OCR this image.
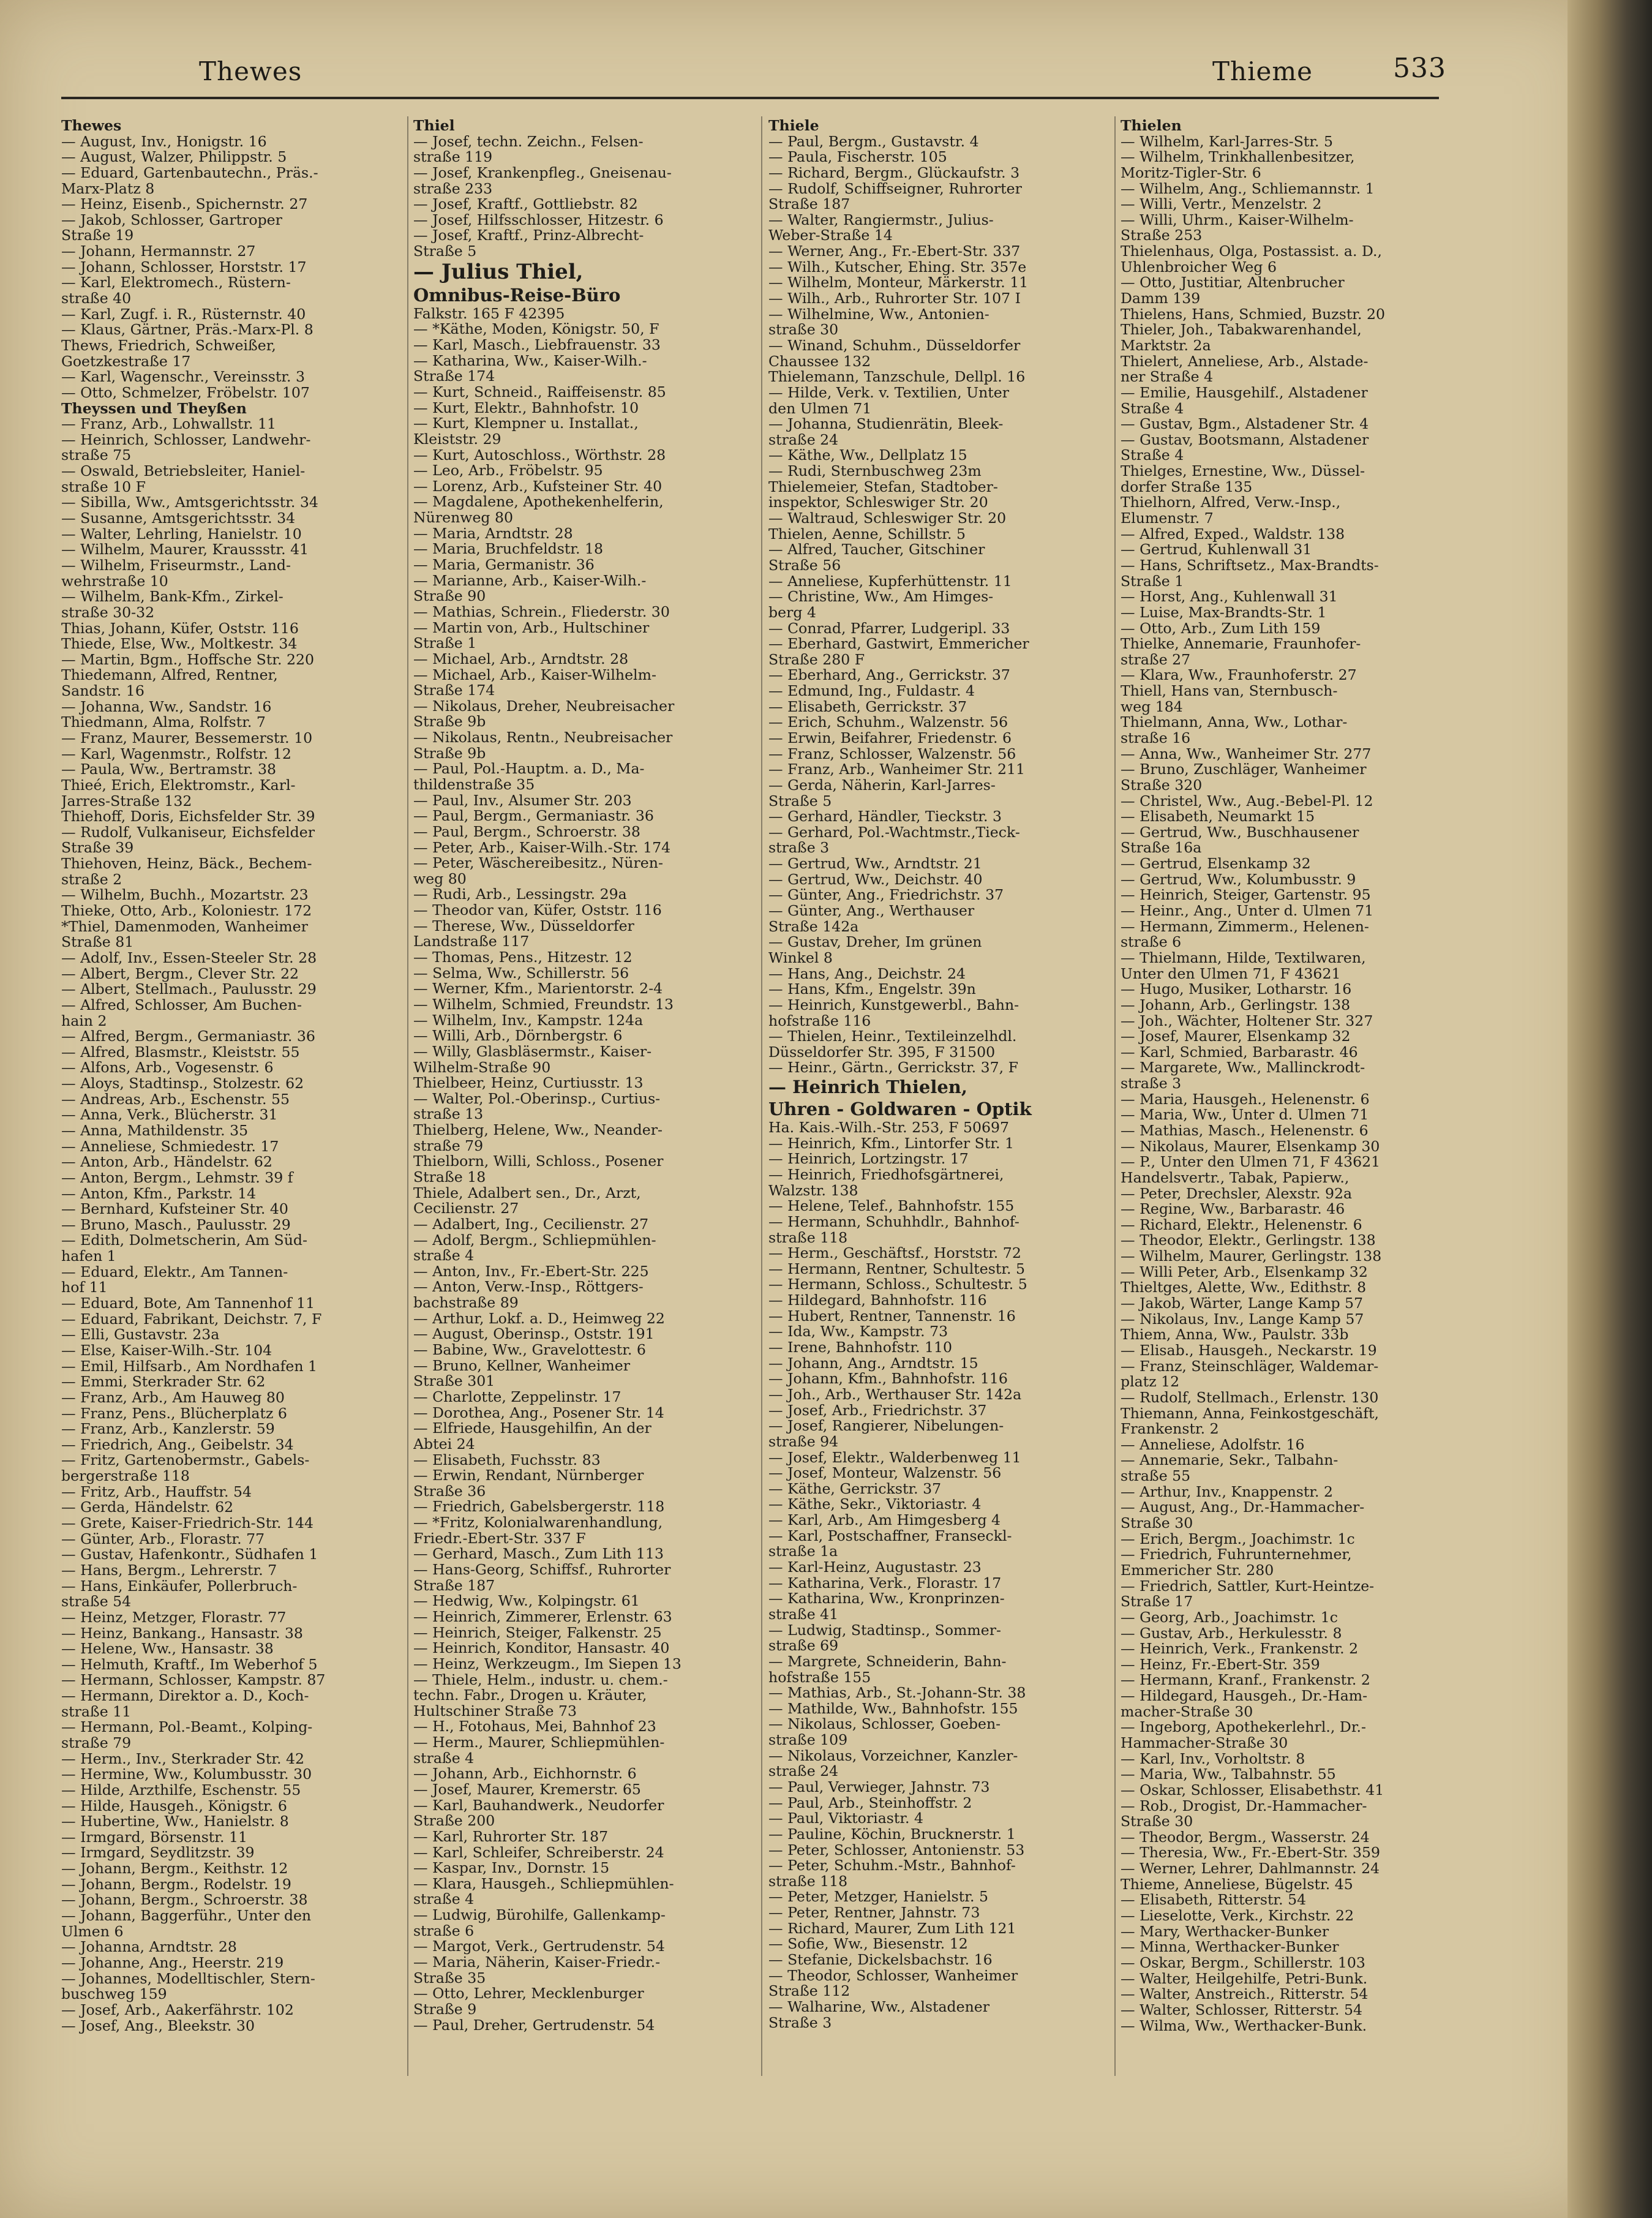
Thewes	Thieme	533
Thewes
— August, Inv., Honigstr. 16
— August, Walzer, Philippstr. 5
— Eduard, Gartenbautechn., Präs.-
Marx-Platz 8
— Heinz, Eisenb., Spichernstr. 27
— Jakob, Schlosser, Gartroper
Straße 19
— Johann, Hermannstr. 27
— Johann, Schlosser, Horststr. 17
— Karl, Elektromech., Rüstern-
straße 40
— Karl, Zugf. i. R., Rüsternstr. 40
— Klaus, Gärtner, Präs.-Marx-Pl. 8
Thews, Friedrich, Schweißer,
Goetzkestraße 17
— Karl, Wagenschr., Vereinsstr. 3
— Otto, Schmelzer, Fröbelstr. 107
Theyssen und Theyßen
— Franz, Arb., Lohwallstr. 11
— Heinrich, Schlosser, Landwehr-
straße 75
— Oswald, Betriebsleiter, Haniel-
straße 10 F
— Sibilla, Ww., Amtsgerichtsstr. 34
— Susanne, Amtsgerichtsstr. 34
— Walter, Lehrling, Hanielstr. 10
— Wilhelm, Maurer, Kraussstr. 41
— Wilhelm, Friseurmstr., Land-
wehrstraße 10
— Wilhelm, Bank-Kfm., Zirkel-
straße 30-32
Thias, Johann, Küfer, Oststr. 116
Thiede, Else, Ww., Moltkestr. 34
— Martin, Bgm., Hoffsche Str. 220
Thiedemann, Alfred, Rentner,
Sandstr. 16
— Johanna, Ww., Sandstr. 16
Thiedmann, Alma, Rolfstr. 7
— Franz, Maurer, Bessemerstr. 10
— Karl, Wagenmstr., Rolfstr. 12
— Paula, Ww., Bertramstr. 38
Thieé, Erich, Elektromstr., Karl-
Jarres-Straße 132
Thiehoff, Doris, Eichsfelder Str. 39
— Rudolf, Vulkaniseur, Eichsfelder
Straße 39
Thiehoven, Heinz, Bäck., Bechem-
straße 2
— Wilhelm, Buchh., Mozartstr. 23
Thieke, Otto, Arb., Koloniestr. 172
*Thiel, Damenmoden, Wanheimer
Straße 81
— Adolf, Inv., Essen-Steeler Str. 28
— Albert, Bergm., Clever Str. 22
— Albert, Stellmach., Paulusstr. 29
— Alfred, Schlosser, Am Buchen-
hain 2
— Alfred, Bergm., Germaniastr. 36
— Alfred, Blasmstr., Kleiststr. 55
— Alfons, Arb., Vogesenstr. 6
— Aloys, Stadtinsp., Stolzestr. 62
— Andreas, Arb., Eschenstr. 55
— Anna, Verk., Blücherstr. 31
— Anna, Mathildenstr. 35
— Anneliese, Schmiedestr. 17
— Anton, Arb., Händelstr. 62
— Anton, Bergm., Lehmstr. 39 f
— Anton, Kfm., Parkstr. 14
— Bernhard, Kufsteiner Str. 40
— Bruno, Masch., Paulusstr. 29
— Edith, Dolmetscherin, Am Süd-
hafen 1
— Eduard, Elektr., Am Tannen-
hof 11
— Eduard, Bote, Am Tannenhof 11
— Eduard, Fabrikant, Deichstr. 7, F
— Elli, Gustavstr. 23a
— Else, Kaiser-Wilh.-Str. 104
— Emil, Hilfsarb., Am Nordhafen 1
— Emmi, Sterkrader Str. 62
— Franz, Arb., Am Hauweg 80
— Franz, Pens., Blücherplatz 6
— Franz, Arb., Kanzlerstr. 59
— Friedrich, Ang., Geibelstr. 34
— Fritz, Gartenobermstr., Gabels-
bergerstraße 118
— Fritz, Arb., Hauffstr. 54
— Gerda, Händelstr. 62
— Grete, Kaiser-Friedrich-Str. 144
— Günter, Arb., Florastr. 77
— Gustav, Hafenkontr., Südhafen 1
— Hans, Bergm., Lehrerstr. 7
— Hans, Einkäufer, Pollerbruch-
straße 54
— Heinz, Metzger, Florastr. 77
— Heinz, Bankang., Hansastr. 38
— Helene, Ww., Hansastr. 38
— Helmuth, Kraftf., Im Weberhof 5
— Hermann, Schlosser, Kampstr. 87
— Hermann, Direktor a. D., Koch-
straße 11
— Hermann, Pol.-Beamt., Kolping-
straße 79
— Herm., Inv., Sterkrader Str. 42
— Hermine, Ww., Kolumbusstr. 30
— Hilde, Arzthilfe, Eschenstr. 55
— Hilde, Hausgeh., Königstr. 6
— Hubertine, Ww., Hanielstr. 8
— Irmgard, Börsenstr. 11
— Irmgard, Seydlitzstr. 39
— Johann, Bergm., Keithstr. 12
— Johann, Bergm., Rodelstr. 19
— Johann, Bergm., Schroerstr. 38
— Johann, Baggerführ., Unter den
Ulmen 6
— Johanna, Arndtstr. 28
— Johanne, Ang., Heerstr. 219
— Johannes, Modelltischler, Stern-
buschweg 159
— Josef, Arb., Aakerfährstr. 102
— Josef, Ang., Bleekstr. 30
Thiel
— Josef, techn. Zeichn., Felsen-
straße 119
— Josef, Krankenpfleg., Gneisenau-
straße 233
— Josef, Kraftf., Gottliebstr. 82
— Josef, Hilfsschlosser, Hitzestr. 6
— Josef, Kraftf., Prinz-Albrecht-
Straße 5
— Julius Thiel,
Omnibus-Reise-Büro
Falkstr. 165 F 42395
— *Käthe, Moden, Königstr. 50, F
— Karl, Masch., Liebfrauenstr. 33
— Katharina, Ww., Kaiser-Wilh.-
Straße 174
— Kurt, Schneid., Raiffeisenstr. 85
— Kurt, Elektr., Bahnhofstr. 10
— Kurt, Klempner u. Installat.,
Kleiststr. 29
— Kurt, Autoschloss., Wörthstr. 28
— Leo, Arb., Fröbelstr. 95
— Lorenz, Arb., Kufsteiner Str. 40
— Magdalene, Apothekenhelferin,
Nürenweg 80
— Maria, Arndtstr. 28
— Maria, Bruchfeldstr. 18
— Maria, Germanistr. 36
— Marianne, Arb., Kaiser-Wilh.-
Straße 90
— Mathias, Schrein., Fliederstr. 30
— Martin von, Arb., Hultschiner
Straße 1
— Michael, Arb., Arndtstr. 28
— Michael, Arb., Kaiser-Wilhelm-
Straße 174
— Nikolaus, Dreher, Neubreisacher
Straße 9b
— Nikolaus, Rentn., Neubreisacher
Straße 9b
— Paul, Pol.-Hauptm. a. D., Ma-
thildenstraße 35
— Paul, Inv., Alsumer Str. 203
— Paul, Bergm., Germaniastr. 36
— Paul, Bergm., Schroerstr. 38
— Peter, Arb., Kaiser-Wilh.-Str. 174
— Peter, Wäschereibesitz., Nüren-
weg 80
— Rudi, Arb., Lessingstr. 29a
— Theodor van, Küfer, Oststr. 116
— Therese, Ww., Düsseldorfer
Landstraße 117
— Thomas, Pens., Hitzestr. 12
— Selma, Ww., Schillerstr. 56
— Werner, Kfm., Marientorstr. 2-4
— Wilhelm, Schmied, Freundstr. 13
— Wilhelm, Inv., Kampstr. 124a
— Willi, Arb., Dörnbergstr. 6
— Willy, Glasbläsermstr., Kaiser-
Wilhelm-Straße 90
Thielbeer, Heinz, Curtiusstr. 13
— Walter, Pol.-Oberinsp., Curtius-
straße 13
Thielberg, Helene, Ww., Neander-
straße 79
Thielborn, Willi, Schloss., Posener
Straße 18
Thiele, Adalbert sen., Dr., Arzt,
Cecilienstr. 27
— Adalbert, Ing., Cecilienstr. 27
— Adolf, Bergm., Schliepmühlen-
straße 4
— Anton, Inv., Fr.-Ebert-Str. 225
— Anton, Verw.-Insp., Röttgers-
bachstraße 89
— Arthur, Lokf. a. D., Heimweg 22
— August, Oberinsp., Oststr. 191
— Babine, Ww., Gravelottestr. 6
— Bruno, Kellner, Wanheimer
Straße 301
— Charlotte, Zeppelinstr. 17
— Dorothea, Ang., Posener Str. 14
— Elfriede, Hausgehilfin, An der
Abtei 24
— Elisabeth, Fuchsstr. 83
— Erwin, Rendant, Nürnberger
Straße 36
— Friedrich, Gabelsbergerstr. 118
— *Fritz, Kolonialwarenhandlung,
Friedr.-Ebert-Str. 337 F
— Gerhard, Masch., Zum Lith 113
— Hans-Georg, Schiffsf., Ruhrorter
Straße 187
— Hedwig, Ww., Kolpingstr. 61
— Heinrich, Zimmerer, Erlenstr. 63
— Heinrich, Steiger, Falkenstr. 25
— Heinrich, Konditor, Hansastr. 40
— Heinz, Werkzeugm., Im Siepen 13
— Thiele, Helm., industr. u. chem.-
techn. Fabr., Drogen u. Kräuter,
Hultschiner Straße 73
— H., Fotohaus, Mei, Bahnhof 23
— Herm., Maurer, Schliepmühlen-
straße 4
— Johann, Arb., Eichhornstr. 6
— Josef, Maurer, Kremerstr. 65
— Karl, Bauhandwerk., Neudorfer
Straße 200
— Karl, Ruhrorter Str. 187
— Karl, Schleifer, Schreiberstr. 24
— Kaspar, Inv., Dornstr. 15
— Klara, Hausgeh., Schliepmühlen-
straße 4
— Ludwig, Bürohilfe, Gallenkamp-
straße 6
— Margot, Verk., Gertrudenstr. 54
— Maria, Näherin, Kaiser-Friedr.-
Straße 35
— Otto, Lehrer, Mecklenburger
Straße 9
— Paul, Dreher, Gertrudenstr. 54
Thiele
— Paul, Bergm., Gustavstr. 4
— Paula, Fischerstr. 105
— Richard, Bergm., Glückaufstr. 3
— Rudolf, Schiffseigner, Ruhrorter
Straße 187
— Walter, Rangiermstr., Julius-
Weber-Straße 14
— Werner, Ang., Fr.-Ebert-Str. 337
— Wilh., Kutscher, Ehing. Str. 357e
— Wilhelm, Monteur, Märkerstr. 11
— Wilh., Arb., Ruhrorter Str. 107 I
— Wilhelmine, Ww., Antonien-
straße 30
— Winand, Schuhm., Düsseldorfer
Chaussee 132
Thielemann, Tanzschule, Dellpl. 16
— Hilde, Verk. v. Textilien, Unter
den Ulmen 71
— Johanna, Studienrätin, Bleek-
straße 24
— Käthe, Ww., Dellplatz 15
— Rudi, Sternbuschweg 23m
Thielemeier, Stefan, Stadtober-
inspektor, Schleswiger Str. 20
— Waltraud, Schleswiger Str. 20
Thielen, Aenne, Schillstr. 5
— Alfred, Taucher, Gitschiner
Straße 56
— Anneliese, Kupferhüttenstr. 11
— Christine, Ww., Am Himges-
berg 4
— Conrad, Pfarrer, Ludgeripl. 33
— Eberhard, Gastwirt, Emmericher
Straße 280 F
— Eberhard, Ang., Gerrickstr. 37
— Edmund, Ing., Fuldastr. 4
— Elisabeth, Gerrickstr. 37
— Erich, Schuhm., Walzenstr. 56
— Erwin, Beifahrer, Friedenstr. 6
— Franz, Schlosser, Walzenstr. 56
— Franz, Arb., Wanheimer Str. 211
— Gerda, Näherin, Karl-Jarres-
Straße 5
— Gerhard, Händler, Tieckstr. 3
— Gerhard, Pol.-Wachtmstr.,Tieck-
straße 3
— Gertrud, Ww., Arndtstr. 21
— Gertrud, Ww., Deichstr. 40
— Günter, Ang., Friedrichstr. 37
— Günter, Ang., Werthauser
Straße 142a
— Gustav, Dreher, Im grünen
Winkel 8
— Hans, Ang., Deichstr. 24
— Hans, Kfm., Engelstr. 39n
— Heinrich, Kunstgewerbl., Bahn-
hofstraße 116
— Thielen, Heinr., Textileinzelhdl.
Düsseldorfer Str. 395, F 31500
— Heinr., Gärtn., Gerrickstr. 37, F
— Heinrich Thielen,
Uhren - Goldwaren - Optik
Ha. Kais.-Wilh.-Str. 253, F 50697
— Heinrich, Kfm., Lintorfer Str. 1
— Heinrich, Lortzingstr. 17
— Heinrich, Friedhofsgärtnerei,
Walzstr. 138
— Helene, Telef., Bahnhofstr. 155
— Hermann, Schuhhdlr., Bahnhof-
straße 118
— Herm., Geschäftsf., Horststr. 72
— Hermann, Rentner, Schultestr. 5
— Hermann, Schloss., Schultestr. 5
— Hildegard, Bahnhofstr. 116
— Hubert, Rentner, Tannenstr. 16
— Ida, Ww., Kampstr. 73
— Irene, Bahnhofstr. 110
— Johann, Ang., Arndtstr. 15
— Johann, Kfm., Bahnhofstr. 116
— Joh., Arb., Werthauser Str. 142a
— Josef, Arb., Friedrichstr. 37
— Josef, Rangierer, Nibelungen-
straße 94
— Josef, Elektr., Walderbenweg 11
— Josef, Monteur, Walzenstr. 56
— Käthe, Gerrickstr. 37
— Käthe, Sekr., Viktoriastr. 4
— Karl, Arb., Am Himgesberg 4
— Karl, Postschaffner, Franseckl-
straße 1a
— Karl-Heinz, Augustastr. 23
— Katharina, Verk., Florastr. 17
— Katharina, Ww., Kronprinzen-
straße 41
— Ludwig, Stadtinsp., Sommer-
straße 69
— Margrete, Schneiderin, Bahn-
hofstraße 155
— Mathias, Arb., St.-Johann-Str. 38
— Mathilde, Ww., Bahnhofstr. 155
— Nikolaus, Schlosser, Goeben-
straße 109
— Nikolaus, Vorzeichner, Kanzler-
straße 24
— Paul, Verwieger, Jahnstr. 73
— Paul, Arb., Steinhoffstr. 2
— Paul, Viktoriastr. 4
— Pauline, Köchin, Brucknerstr. 1
— Peter, Schlosser, Antonienstr. 53
— Peter, Schuhm.-Mstr., Bahnhof-
straße 118
— Peter, Metzger, Hanielstr. 5
— Peter, Rentner, Jahnstr. 73
— Richard, Maurer, Zum Lith 121
— Sofie, Ww., Biesenstr. 12
— Stefanie, Dickelsbachstr. 16
— Theodor, Schlosser, Wanheimer
Straße 112
— Walharine, Ww., Alstadener
Straße 3
Thielen
— Wilhelm, Karl-Jarres-Str. 5
— Wilhelm, Trinkhallenbesitzer,
Moritz-Tigler-Str. 6
— Wilhelm, Ang., Schliemannstr. 1
— Willi, Vertr., Menzelstr. 2
— Willi, Uhrm., Kaiser-Wilhelm-
Straße 253
Thielenhaus, Olga, Postassist. a. D.,
Uhlenbroicher Weg 6
— Otto, Justitiar, Altenbrucher
Damm 139
Thielens, Hans, Schmied, Buzstr. 20
Thieler, Joh., Tabakwarenhandel,
Marktstr. 2a
Thielert, Anneliese, Arb., Alstade-
ner Straße 4
— Emilie, Hausgehilf., Alstadener
Straße 4
— Gustav, Bgm., Alstadener Str. 4
— Gustav, Bootsmann, Alstadener
Straße 4
Thielges, Ernestine, Ww., Düssel-
dorfer Straße 135
Thielhorn, Alfred, Verw.-Insp.,
Elumenstr. 7
— Alfred, Exped., Waldstr. 138
— Gertrud, Kuhlenwall 31
— Hans, Schriftsetz., Max-Brandts-
Straße 1
— Horst, Ang., Kuhlenwall 31
— Luise, Max-Brandts-Str. 1
— Otto, Arb., Zum Lith 159
Thielke, Annemarie, Fraunhofer-
straße 27
— Klara, Ww., Fraunhoferstr. 27
Thiell, Hans van, Sternbusch-
weg 184
Thielmann, Anna, Ww., Lothar-
straße 16
— Anna, Ww., Wanheimer Str. 277
— Bruno, Zuschläger, Wanheimer
Straße 320
— Christel, Ww., Aug.-Bebel-Pl. 12
— Elisabeth, Neumarkt 15
— Gertrud, Ww., Buschhausener
Straße 16a
— Gertrud, Elsenkamp 32
— Gertrud, Ww., Kolumbusstr. 9
— Heinrich, Steiger, Gartenstr. 95
— Heinr., Ang., Unter d. Ulmen 71
— Hermann, Zimmerm., Helenen-
straße 6
— Thielmann, Hilde, Textilwaren,
Unter den Ulmen 71, F 43621
— Hugo, Musiker, Lotharstr. 16
— Johann, Arb., Gerlingstr. 138
— Joh., Wächter, Holtener Str. 327
— Josef, Maurer, Elsenkamp 32
— Karl, Schmied, Barbarastr. 46
— Margarete, Ww., Mallinckrodt-
straße 3
— Maria, Hausgeh., Helenenstr. 6
— Maria, Ww., Unter d. Ulmen 71
— Mathias, Masch., Helenenstr. 6
— Nikolaus, Maurer, Elsenkamp 30
— P., Unter den Ulmen 71, F 43621
Handelsvertr., Tabak, Papierw.,
— Peter, Drechsler, Alexstr. 92a
— Regine, Ww., Barbarastr. 46
— Richard, Elektr., Helenenstr. 6
— Theodor, Elektr., Gerlingstr. 138
— Wilhelm, Maurer, Gerlingstr. 138
— Willi Peter, Arb., Elsenkamp 32
Thieltges, Alette, Ww., Edithstr. 8
— Jakob, Wärter, Lange Kamp 57
— Nikolaus, Inv., Lange Kamp 57
Thiem, Anna, Ww., Paulstr. 33b
— Elisab., Hausgeh., Neckarstr. 19
— Franz, Steinschläger, Waldemar-
platz 12
— Rudolf, Stellmach., Erlenstr. 130
Thiemann, Anna, Feinkostgeschäft,
Frankenstr. 2
— Anneliese, Adolfstr. 16
— Annemarie, Sekr., Talbahn-
straße 55
— Arthur, Inv., Knappenstr. 2
— August, Ang., Dr.-Hammacher-
Straße 30
— Erich, Bergm., Joachimstr. 1c
— Friedrich, Fuhrunternehmer,
Emmericher Str. 280
— Friedrich, Sattler, Kurt-Heintze-
Straße 17
— Georg, Arb., Joachimstr. 1c
— Gustav, Arb., Herkulesstr. 8
— Heinrich, Verk., Frankenstr. 2
— Heinz, Fr.-Ebert-Str. 359
— Hermann, Kranf., Frankenstr. 2
— Hildegard, Hausgeh., Dr.-Ham-
macher-Straße 30
— Ingeborg, Apothekerlehrl., Dr.-
Hammacher-Straße 30
— Karl, Inv., Vorholtstr. 8
— Maria, Ww., Talbahnstr. 55
— Oskar, Schlosser, Elisabethstr. 41
— Rob., Drogist, Dr.-Hammacher-
Straße 30
— Theodor, Bergm., Wasserstr. 24
— Theresia, Ww., Fr.-Ebert-Str. 359
— Werner, Lehrer, Dahlmannstr. 24
Thieme, Anneliese, Bügelstr. 45
— Elisabeth, Ritterstr. 54
— Lieselotte, Verk., Kirchstr. 22
— Mary, Werthacker-Bunker
— Minna, Werthacker-Bunker
— Oskar, Bergm., Schillerstr. 103
— Walter, Heilgehilfe, Petri-Bunk.
— Walter, Anstreich., Ritterstr. 54
— Walter, Schlosser, Ritterstr. 54
— Wilma, Ww., Werthacker-Bunk.
